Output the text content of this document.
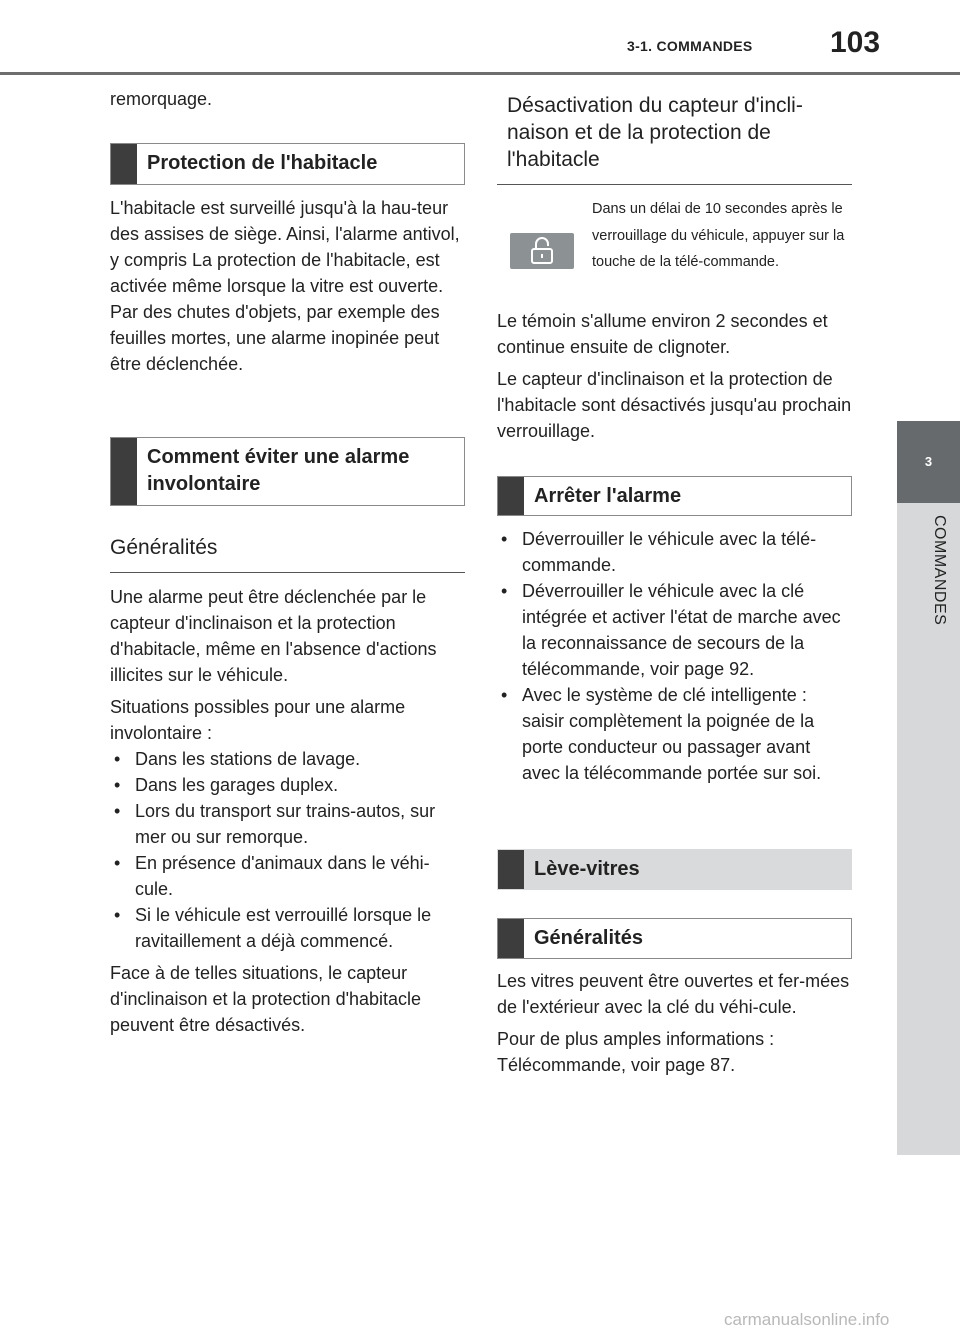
3-1. COMMANDES	103
3
COMMANDES
remorquage.
Protection de l'habitacle
L'habitacle est surveillé jusqu'à la hau-teur des assises de siège. Ainsi, l'alarme antivol, y compris La protection de l'habitacle, est activée même lorsque la vitre est ouverte. Par des chutes d'objets, par exemple des feuilles mortes, une alarme inopinée peut être déclenchée.
Comment éviter une alarme involontaire
Généralités

Une alarme peut être déclenchée par le capteur d'inclinaison et la protection d'habitacle, même en l'absence d'actions illicites sur le véhicule.

Situations possibles pour une alarme involontaire :
• Dans les stations de lavage.
• Dans les garages duplex.
• Lors du transport sur trains-autos, sur mer ou sur remorque.
• En présence d'animaux dans le véhi-cule.
• Si le véhicule est verrouillé lorsque le ravitaillement a déjà commencé.

Face à de telles situations, le capteur d'inclinaison et la protection d'habitacle peuvent être désactivés.

Désactivation du capteur d'incli-naison et de la protection de l'habitacle
Dans un délai de 10 secondes après le verrouillage du véhicule, appuyer sur la touche de la télé-commande.

Le témoin s'allume environ 2 secondes et continue ensuite de clignoter.

Le capteur d'inclinaison et la protection de l'habitacle sont désactivés jusqu'au prochain verrouillage.

Arrêter l'alarme
• Déverrouiller le véhicule avec la télé-commande.
• Déverrouiller le véhicule avec la clé intégrée et activer l'état de marche avec la reconnaissance de secours de la télécommande, voir page 92.
• Avec le système de clé intelligente : saisir complètement la poignée de la porte conducteur ou passager avant avec la télécommande portée sur soi.
Lève-vitres
Généralités

Les vitres peuvent être ouvertes et fer-mées de l'extérieur avec la clé du véhi-cule.

Pour de plus amples informations : Télécommande, voir page 87.

carmanualsonline.info
